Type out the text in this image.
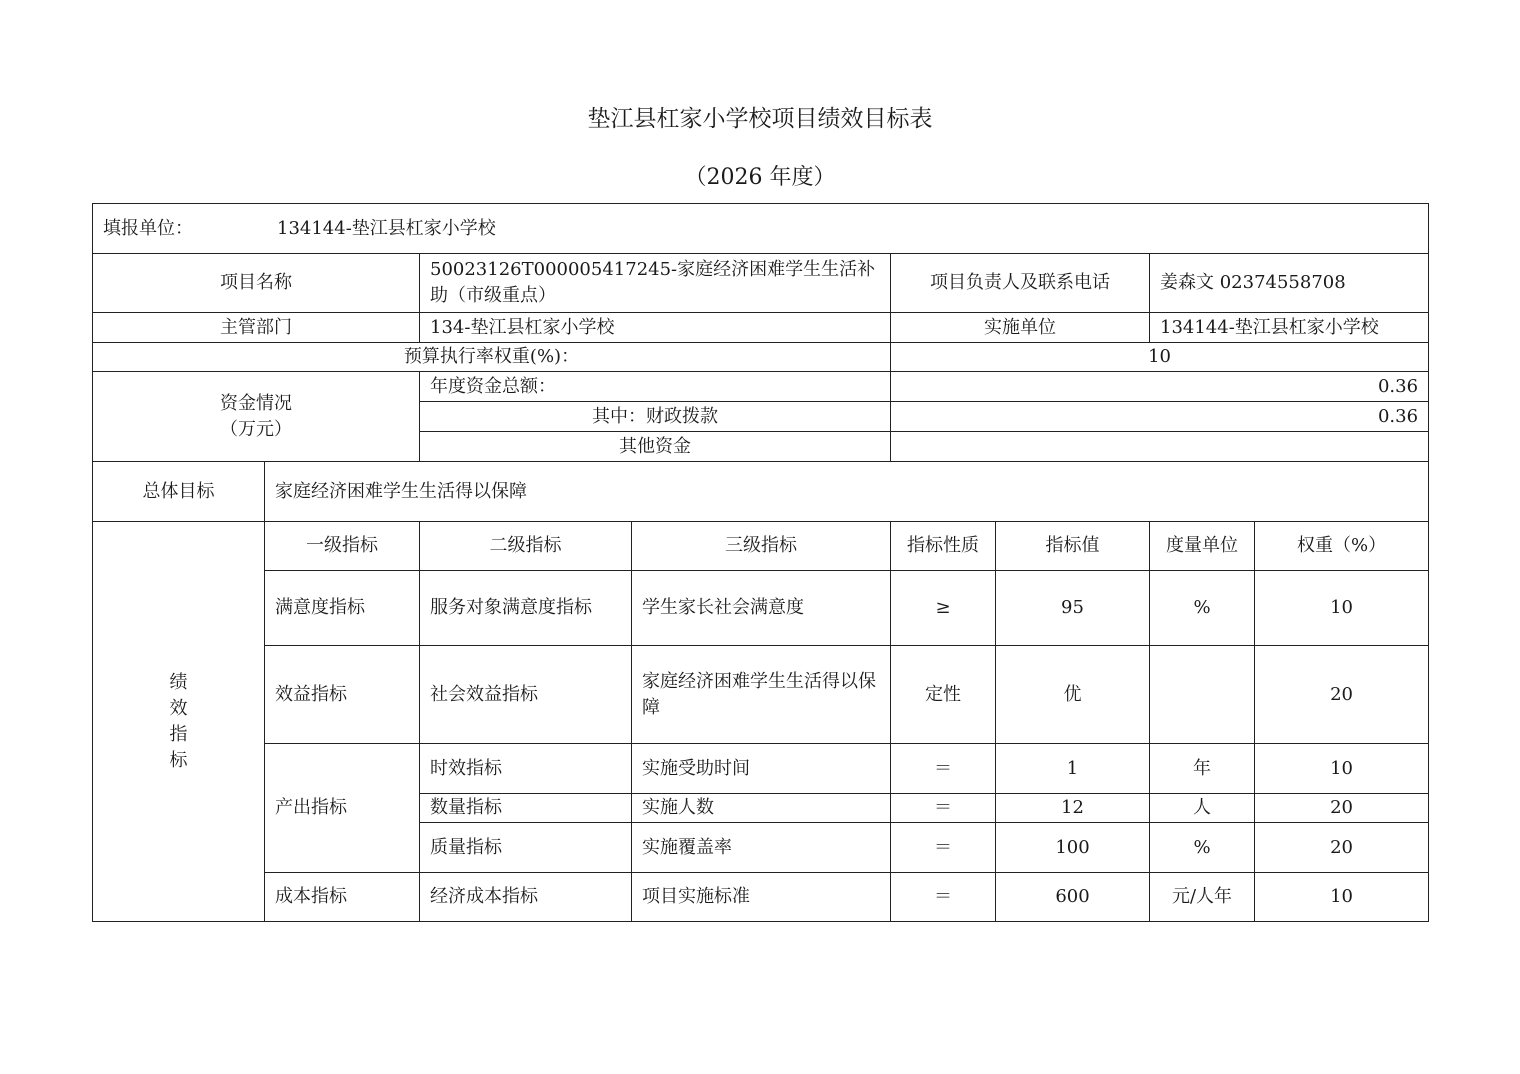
垫江县杠家小学校项目绩效目标表
（2026 年度）
填报单位： 134144-垫江县杠家小学校							
项目名称		50023126T000005417245-家庭经济困难学生生活补助（市级重点）		项目负责人及联系电话		姜森文 02374558708	
主管部门		134-垫江县杠家小学校		实施单位		134144-垫江县杠家小学校	
预算执行率权重(%)：				10			

资金情况
（万元）		年度资金总额：		0.36			
		其中：财政拨款		0.36			
		其他资金					
总体目标	家庭经济困难学生生活得以保障						

绩
效
指
标	一级指标	二级指标	三级指标	指标性质	指标值	度量单位	权重（%）
	满意度指标	服务对象满意度指标	学生家长社会满意度	≥	95	%	10
	效益指标	社会效益指标	家庭经济困难学生生活得以保障	定性	优		20
	产出指标	时效指标	实施受助时间	＝	1	年	10
		数量指标	实施人数	＝	12	人	20
		质量指标	实施覆盖率	＝	100	%	20
	成本指标	经济成本指标	项目实施标准	＝	600	元/人年	10
